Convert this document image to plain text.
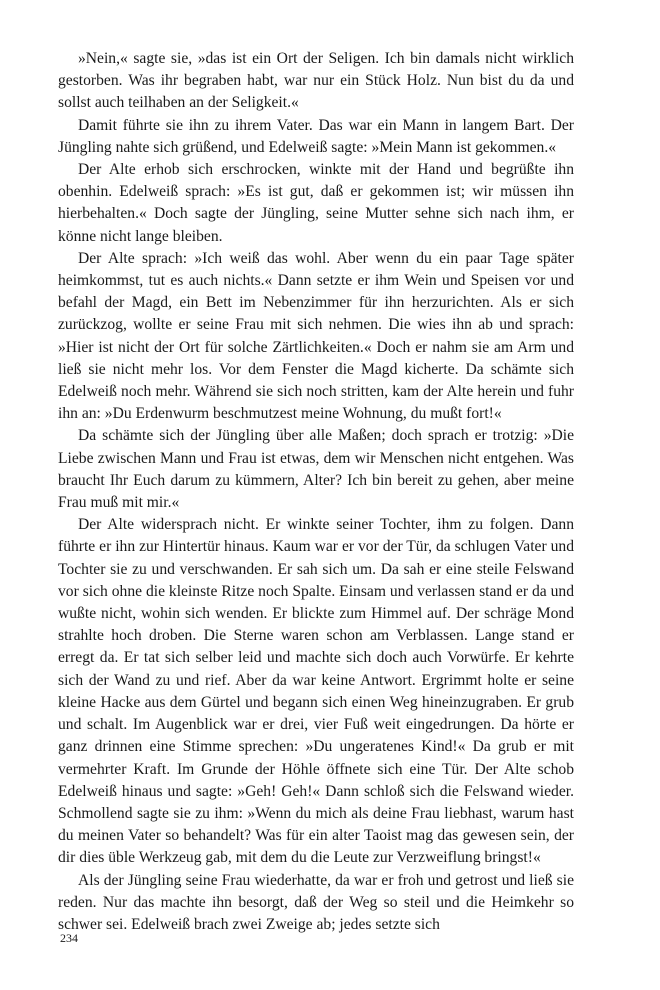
»Nein,« sagte sie, »das ist ein Ort der Seligen. Ich bin damals nicht wirklich gestorben. Was ihr begraben habt, war nur ein Stück Holz. Nun bist du da und sollst auch teilhaben an der Seligkeit.«

Damit führte sie ihn zu ihrem Vater. Das war ein Mann in langem Bart. Der Jüngling nahte sich grüßend, und Edelweiß sagte: »Mein Mann ist gekommen.«

Der Alte erhob sich erschrocken, winkte mit der Hand und begrüßte ihn obenhin. Edelweiß sprach: »Es ist gut, daß er gekommen ist; wir müssen ihn hierbehalten.« Doch sagte der Jüngling, seine Mutter sehne sich nach ihm, er könne nicht lange bleiben.

Der Alte sprach: »Ich weiß das wohl. Aber wenn du ein paar Tage später heimkommst, tut es auch nichts.« Dann setzte er ihm Wein und Speisen vor und befahl der Magd, ein Bett im Nebenzimmer für ihn herzurichten. Als er sich zurückzog, wollte er seine Frau mit sich nehmen. Die wies ihn ab und sprach: »Hier ist nicht der Ort für solche Zärtlichkeiten.« Doch er nahm sie am Arm und ließ sie nicht mehr los. Vor dem Fenster die Magd kicherte. Da schämte sich Edelweiß noch mehr. Während sie sich noch stritten, kam der Alte herein und fuhr ihn an: »Du Erdenwurm beschmutzest meine Wohnung, du mußt fort!«

Da schämte sich der Jüngling über alle Maßen; doch sprach er trotzig: »Die Liebe zwischen Mann und Frau ist etwas, dem wir Menschen nicht entgehen. Was braucht Ihr Euch darum zu kümmern, Alter? Ich bin bereit zu gehen, aber meine Frau muß mit mir.«

Der Alte widersprach nicht. Er winkte seiner Tochter, ihm zu folgen. Dann führte er ihn zur Hintertür hinaus. Kaum war er vor der Tür, da schlugen Vater und Tochter sie zu und verschwanden. Er sah sich um. Da sah er eine steile Felswand vor sich ohne die kleinste Ritze noch Spalte. Einsam und verlassen stand er da und wußte nicht, wohin sich wenden. Er blickte zum Himmel auf. Der schräge Mond strahlte hoch droben. Die Sterne waren schon am Verblassen. Lange stand er erregt da. Er tat sich selber leid und machte sich doch auch Vorwürfe. Er kehrte sich der Wand zu und rief. Aber da war keine Antwort. Ergrimmt holte er seine kleine Hacke aus dem Gürtel und begann sich einen Weg hineinzugraben. Er grub und schalt. Im Augenblick war er drei, vier Fuß weit eingedrungen. Da hörte er ganz drinnen eine Stimme sprechen: »Du ungeratenes Kind!« Da grub er mit vermehrter Kraft. Im Grunde der Höhle öffnete sich eine Tür. Der Alte schob Edelweiß hinaus und sagte: »Geh! Geh!« Dann schloß sich die Felswand wieder. Schmollend sagte sie zu ihm: »Wenn du mich als deine Frau liebhast, warum hast du meinen Vater so behandelt? Was für ein alter Taoist mag das gewesen sein, der dir dies üble Werkzeug gab, mit dem du die Leute zur Verzweiflung bringst!«

Als der Jüngling seine Frau wiederhatte, da war er froh und getrost und ließ sie reden. Nur das machte ihn besorgt, daß der Weg so steil und die Heimkehr so schwer sei. Edelweiß brach zwei Zweige ab; jedes setzte sich

234
